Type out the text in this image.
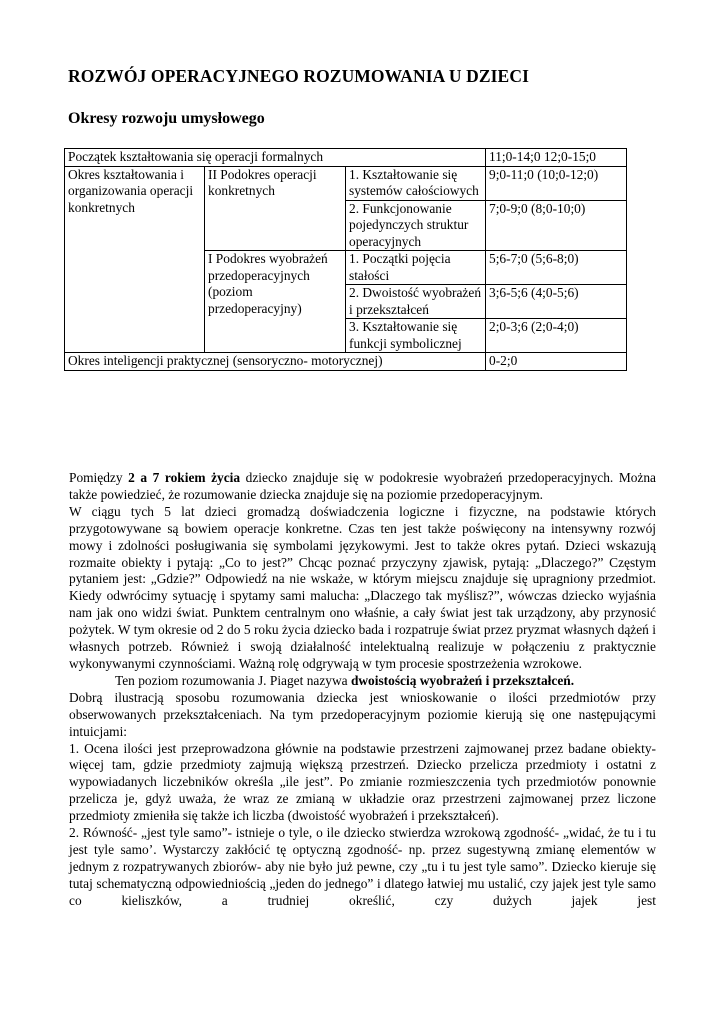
ROZWÓJ OPERACYJNEGO ROZUMOWANIA U DZIECI
Okresy rozwoju umysłowego
Początek kształtowania się operacji formalnych			11;0-14;0 12;0-15;0
Okres kształtowania i organizowania operacji konkretnych	II Podokres operacji konkretnych	1. Kształtowanie się systemów całościowych	9;0-11;0 (10;0-12;0)
		2. Funkcjonowanie pojedynczych struktur operacyjnych	7;0-9;0 (8;0-10;0)
	I Podokres wyobrażeń przedoperacyjnych (poziom przedoperacyjny)	1. Początki pojęcia stałości	5;6-7;0 (5;6-8;0)
		2. Dwoistość wyobrażeń i przekształceń	3;6-5;6 (4;0-5;6)
		3. Kształtowanie się funkcji symbolicznej	2;0-3;6 (2;0-4;0)
Okres inteligencji praktycznej (sensoryczno- motorycznej)			0-2;0

Pomiędzy 2 a 7 rokiem życia dziecko znajduje się w podokresie wyobrażeń przedoperacyjnych. Można także powiedzieć, że rozumowanie dziecka znajduje się na poziomie przedoperacyjnym.

W ciągu tych 5 lat dzieci gromadzą doświadczenia logiczne i fizyczne, na podstawie których przygotowywane są bowiem operacje konkretne. Czas ten jest także poświęcony na intensywny rozwój mowy i zdolności posługiwania się symbolami językowymi. Jest to także okres pytań. Dzieci wskazują rozmaite obiekty i pytają: „Co to jest?” Chcąc poznać przyczyny zjawisk, pytają: „Dlaczego?” Częstym pytaniem jest: „Gdzie?” Odpowiedź na nie wskaże, w którym miejscu znajduje się upragniony przedmiot. Kiedy odwrócimy sytuację i spytamy sami malucha: „Dlaczego tak myślisz?”, wówczas dziecko wyjaśnia nam jak ono widzi świat. Punktem centralnym ono właśnie, a cały świat jest tak urządzony, aby przynosić pożytek. W tym okresie od 2 do 5 roku życia dziecko bada i rozpatruje świat przez pryzmat własnych dążeń i własnych potrzeb. Również i swoją działalność intelektualną realizuje w połączeniu z praktycznie wykonywanymi czynnościami. Ważną rolę odgrywają w tym procesie spostrzeżenia wzrokowe.

Ten poziom rozumowania J. Piaget nazywa dwoistością wyobrażeń i przekształceń.

Dobrą ilustracją sposobu rozumowania dziecka jest wnioskowanie o ilości przedmiotów przy obserwowanych przekształceniach. Na tym przedoperacyjnym poziomie kierują się one następującymi intuicjami:

1. Ocena ilości jest przeprowadzona głównie na podstawie przestrzeni zajmowanej przez badane obiekty- więcej tam, gdzie przedmioty zajmują większą przestrzeń. Dziecko przelicza przedmioty i ostatni z wypowiadanych liczebników określa „ile jest”. Po zmianie rozmieszczenia tych przedmiotów ponownie przelicza je, gdyż uważa, że wraz ze zmianą w układzie oraz przestrzeni zajmowanej przez liczone przedmioty zmieniła się także ich liczba (dwoistość wyobrażeń i przekształceń).

2. Równość- „jest tyle samo”- istnieje o tyle, o ile dziecko stwierdza wzrokową zgodność- „widać, że tu i tu jest tyle samo’. Wystarczy zakłócić tę optyczną zgodność- np. przez sugestywną zmianę elementów w jednym z rozpatrywanych zbiorów- aby nie było już pewne, czy „tu i tu jest tyle samo”. Dziecko kieruje się tutaj schematyczną odpowiedniością „jeden do jednego” i dlatego łatwiej mu ustalić, czy jajek jest tyle samo co kieliszków, a trudniej określić, czy dużych jajek jest
